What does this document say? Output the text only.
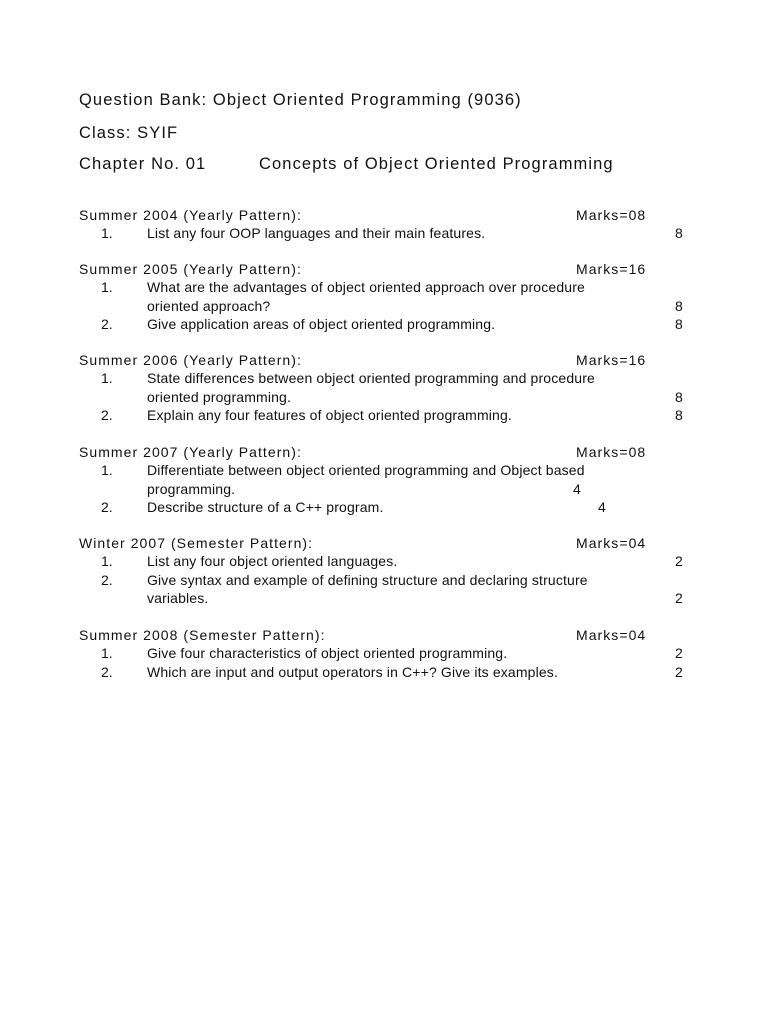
Question Bank: Object Oriented Programming (9036)
Class: SYIF
Chapter No. 01	Concepts of Object Oriented Programming
Summer 2004 (Yearly Pattern):	Marks=08
1. List any four OOP languages and their main features.	8
Summer 2005 (Yearly Pattern):	Marks=16
1. What are the advantages of object oriented approach over procedure
oriented approach?	8
2. Give application areas of object oriented programming.	8
Summer 2006 (Yearly Pattern):	Marks=16
1. State differences between object oriented programming and procedure
oriented programming.	8
2. Explain any four features of object oriented programming.	8
Summer 2007 (Yearly Pattern):	Marks=08
1. Differentiate between object oriented programming and Object based
programming.	4
2. Describe structure of a C++ program.	4
Winter 2007 (Semester Pattern):	Marks=04
1. List any four object oriented languages.	2
2. Give syntax and example of defining structure and declaring structure
variables.	2
Summer 2008 (Semester Pattern):	Marks=04
1. Give four characteristics of object oriented programming.	2
2. Which are input and output operators in C++? Give its examples.	2
